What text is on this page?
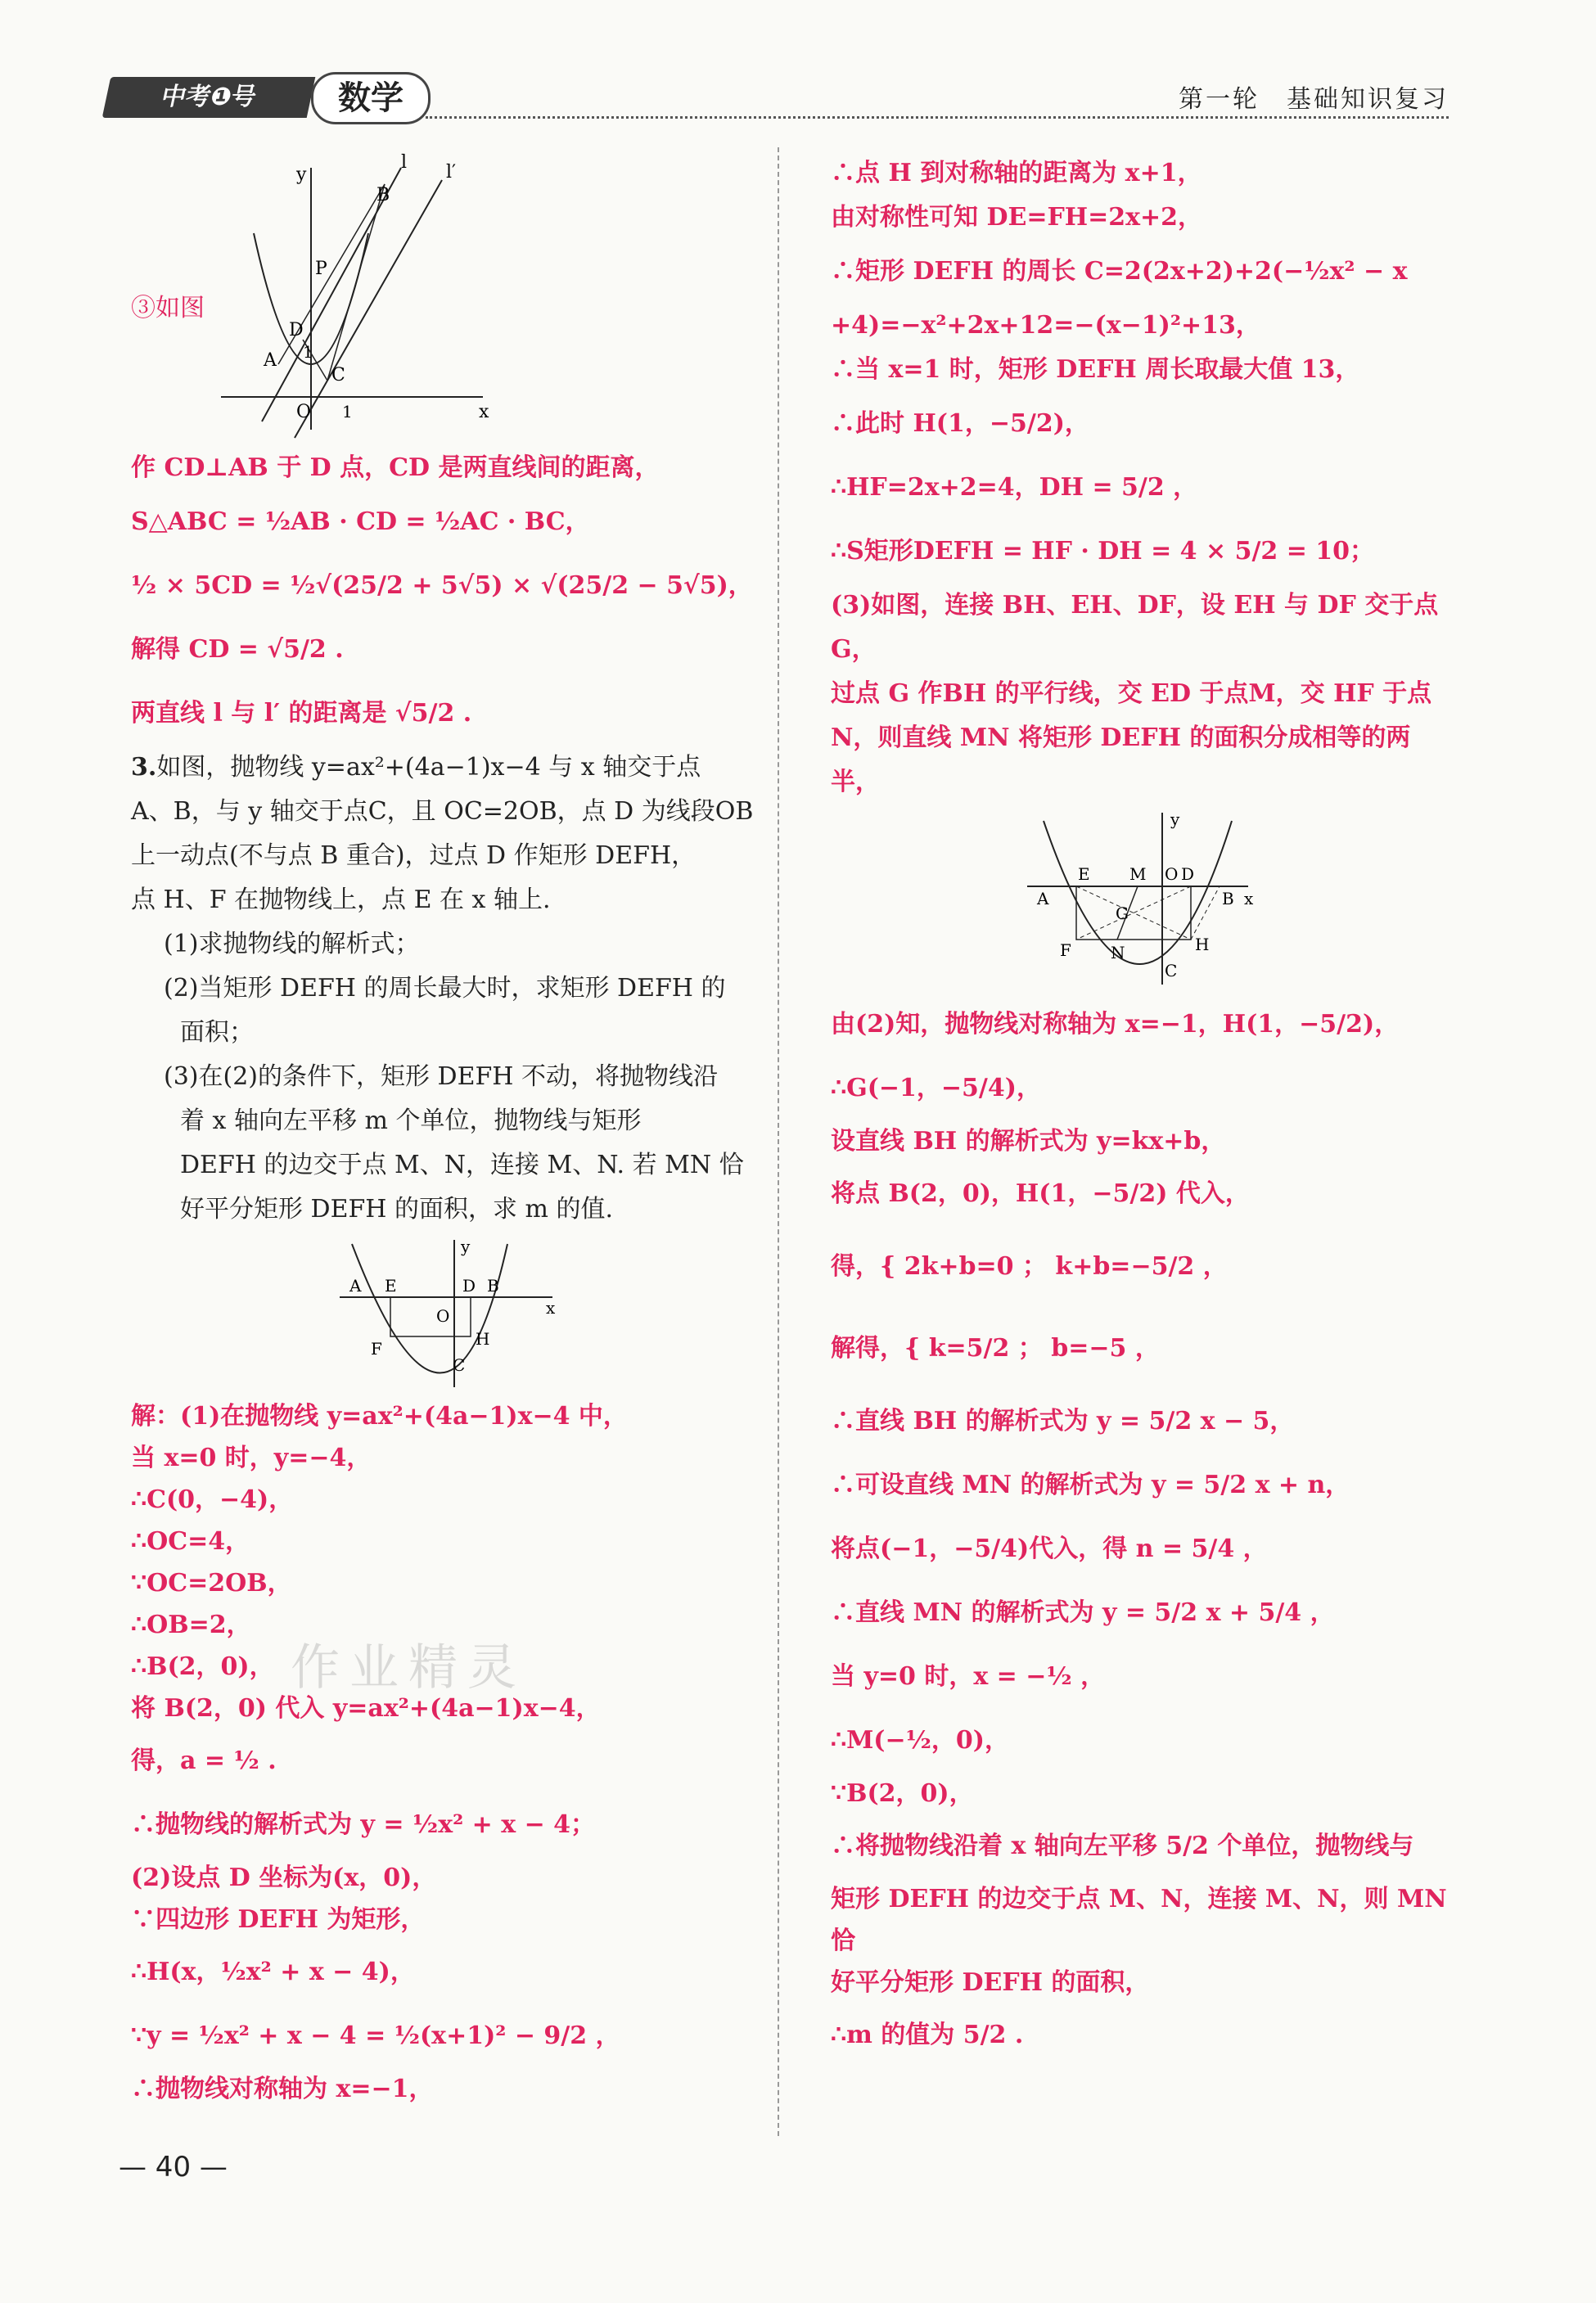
中考❶号	数学	第一轮　基础知识复习
③如图
y
x
l l′
B
P
D
A
C
O 1
1

作 CD⊥AB 于 D 点，CD 是两直线间的距离，

S△ABC = ½AB · CD = ½AC · BC，

½ × 5CD = ½√(25/2 + 5√5) × √(25/2 − 5√5)，

解得 CD = √5/2 .

两直线 l 与 l′ 的距离是 √5/2 .

3.如图，抛物线 y=ax²+(4a−1)x−4 与 x 轴交于点

A、B，与 y 轴交于点C，且 OC=2OB，点 D 为线段OB

上一动点(不与点 B 重合)，过点 D 作矩形 DEFH，

点 H、F 在抛物线上，点 E 在 x 轴上.

(1)求抛物线的解析式；

(2)当矩形 DEFH 的周长最大时，求矩形 DEFH 的

面积；

(3)在(2)的条件下，矩形 DEFH 不动，将抛物线沿

着 x 轴向左平移 m 个单位，抛物线与矩形

DEFH 的边交于点 M、N，连接 M、N. 若 MN 恰

好平分矩形 DEFH 的面积，求 m 的值.

y
A E	D B
x
O
F	H
C

解：(1)在抛物线 y=ax²+(4a−1)x−4 中，

当 x=0 时，y=−4，

∴C(0，−4)，

∴OC=4，

∵OC=2OB，

∴OB=2，

∴B(2，0)，

将 B(2，0) 代入 y=ax²+(4a−1)x−4，

得，a = ½ .

∴抛物线的解析式为 y = ½x² + x − 4；

(2)设点 D 坐标为(x，0)，

∵四边形 DEFH 为矩形，

∴H(x，½x² + x − 4)，

∵y = ½x² + x − 4 = ½(x+1)² − 9/2 ，

∴抛物线对称轴为 x=−1，

∴点 H 到对称轴的距离为 x+1，

由对称性可知 DE=FH=2x+2，

∴矩形 DEFH 的周长 C=2(2x+2)+2(−½x² − x

+4)=−x²+2x+12=−(x−1)²+13，

∴当 x=1 时，矩形 DEFH 周长取最大值 13，

∴此时 H(1，−5/2)，

∴HF=2x+2=4，DH = 5/2 ，

∴S矩形DEFH = HF · DH = 4 × 5/2 = 10；

(3)如图，连接 BH、EH、DF，设 EH 与 DF 交于点G，

过点 G 作BH 的平行线，交 ED 于点M，交 HF 于点

N，则直线 MN 将矩形 DEFH 的面积分成相等的两

半，

y
E M O D
A	B x
G
F N	H
C

由(2)知，抛物线对称轴为 x=−1，H(1，−5/2)，

∴G(−1，−5/4)，

设直线 BH 的解析式为 y=kx+b，

将点 B(2，0)，H(1，−5/2) 代入，

得，{ 2k+b=0 ； k+b=−5/2 ，

解得，{ k=5/2 ； b=−5 ，

∴直线 BH 的解析式为 y = 5/2 x − 5，

∴可设直线 MN 的解析式为 y = 5/2 x + n，

将点(−1，−5/4)代入，得 n = 5/4 ，

∴直线 MN 的解析式为 y = 5/2 x + 5/4 ，

当 y=0 时，x = −½ ，

∴M(−½，0)，

∵B(2，0)，

∴将抛物线沿着 x 轴向左平移 5/2 个单位，抛物线与

矩形 DEFH 的边交于点 M、N，连接 M、N，则 MN 恰

好平分矩形 DEFH 的面积，

∴m 的值为 5/2 .

作业精灵
— 40 —
